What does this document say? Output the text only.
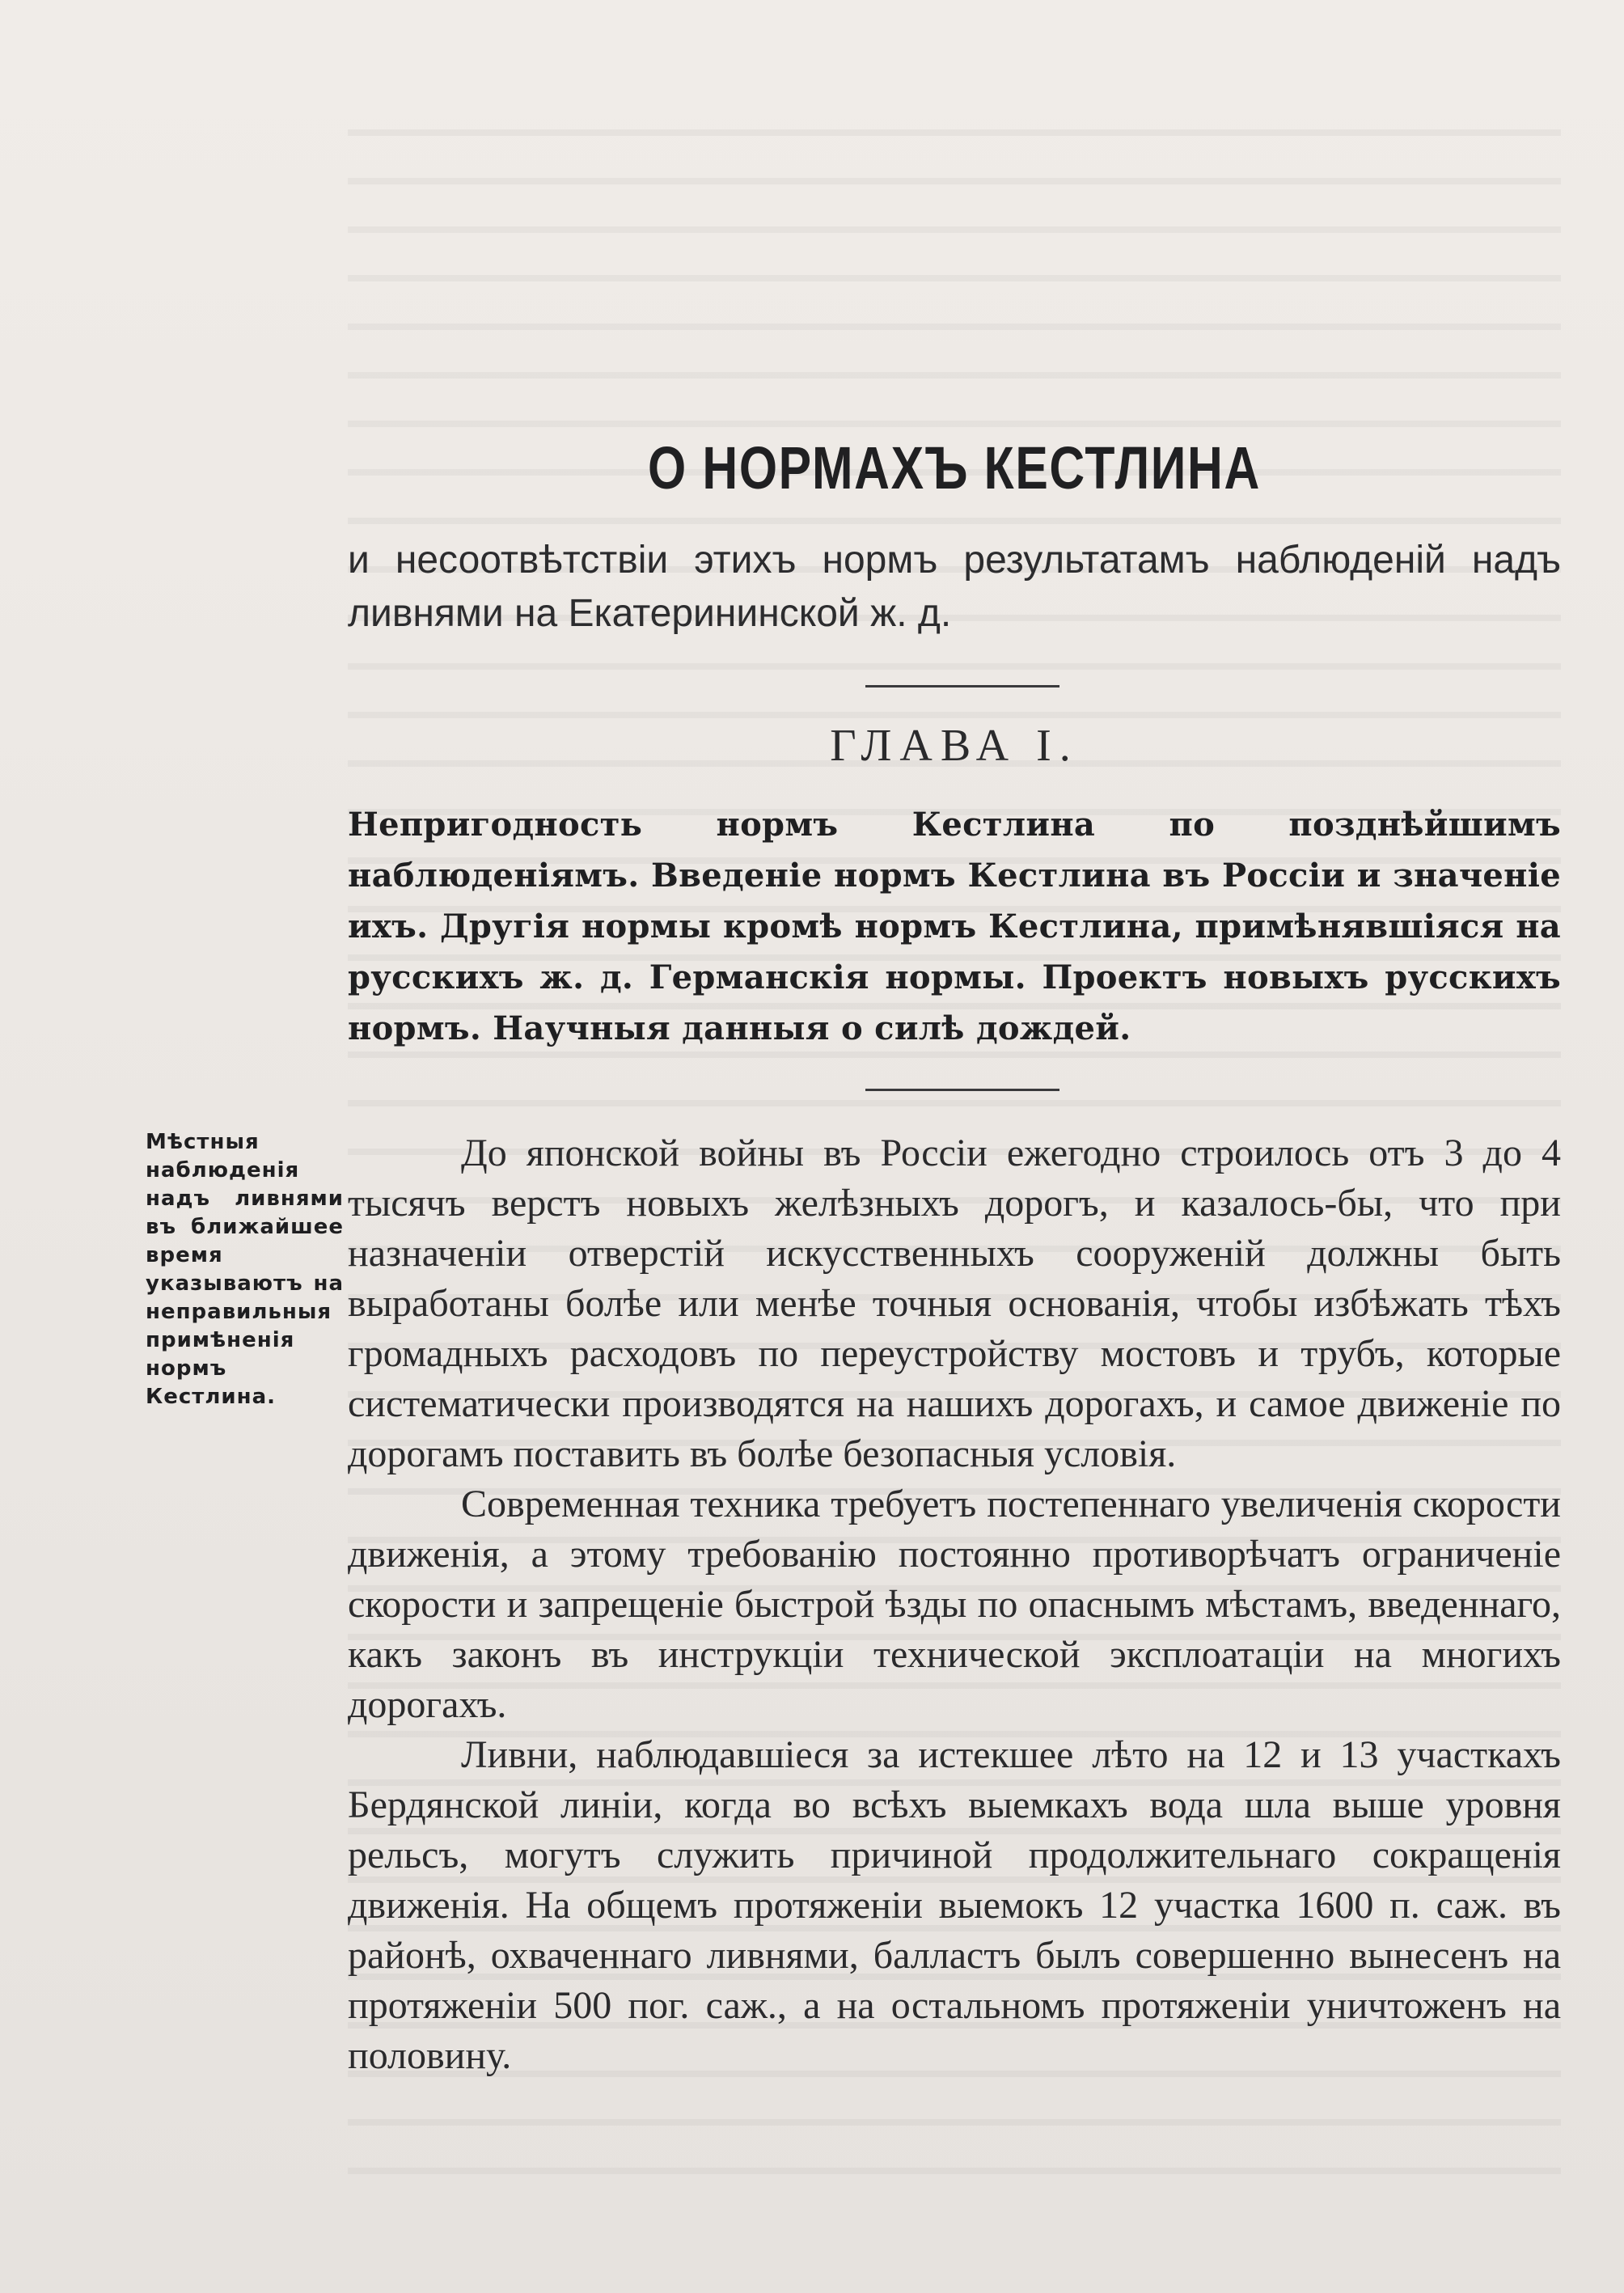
О НОРМАХЪ КЕСТЛИНА
и несоотвѣтствіи этихъ нормъ результатамъ наблюденій надъ ливнями на Екатерининской ж. д.
ГЛАВА I.
Непригодность нормъ Кестлина по позднѣйшимъ наблюденіямъ. Введеніе нормъ Кестлина въ Россіи и значеніе ихъ. Другія нормы кромѣ нормъ Кестлина, примѣнявшіяся на русскихъ ж. д. Германскія нормы. Проектъ новыхъ русскихъ нормъ. Научныя данныя о силѣ дождей.
Мѣстныя наблюденія надъ ливнями въ ближайшее время указываютъ на неправильныя примѣненія нормъ Кестлина.

До японской войны въ Россіи ежегодно строилось отъ 3 до 4 тысячъ верстъ новыхъ желѣзныхъ дорогъ, и казалось-бы, что при назначеніи отверстій искусственныхъ сооруженій должны быть выработаны болѣе или менѣе точныя основанія, чтобы избѣжать тѣхъ громадныхъ расходовъ по переустройству мостовъ и трубъ, которые систематически производятся на нашихъ дорогахъ, и самое движеніе по дорогамъ поставить въ болѣе безопасныя условія.

Современная техника требуетъ постепеннаго увеличенія скорости движенія, а этому требованію постоянно противорѣчатъ ограниченіе скорости и запрещеніе быстрой ѣзды по опаснымъ мѣстамъ, введеннаго, какъ законъ въ инструкціи технической эксплоатаціи на многихъ дорогахъ.

Ливни, наблюдавшіеся за истекшее лѣто на 12 и 13 участкахъ Бердянской линіи, когда во всѣхъ выемкахъ вода шла выше уровня рельсъ, могутъ служить причиной продолжительнаго сокращенія движенія. На общемъ протяженіи выемокъ 12 участка 1600 п. саж. въ районѣ, охваченнаго ливнями, балластъ былъ совершенно вынесенъ на протяженіи 500 пог. саж., а на остальномъ протяженіи уничтоженъ на половину.
